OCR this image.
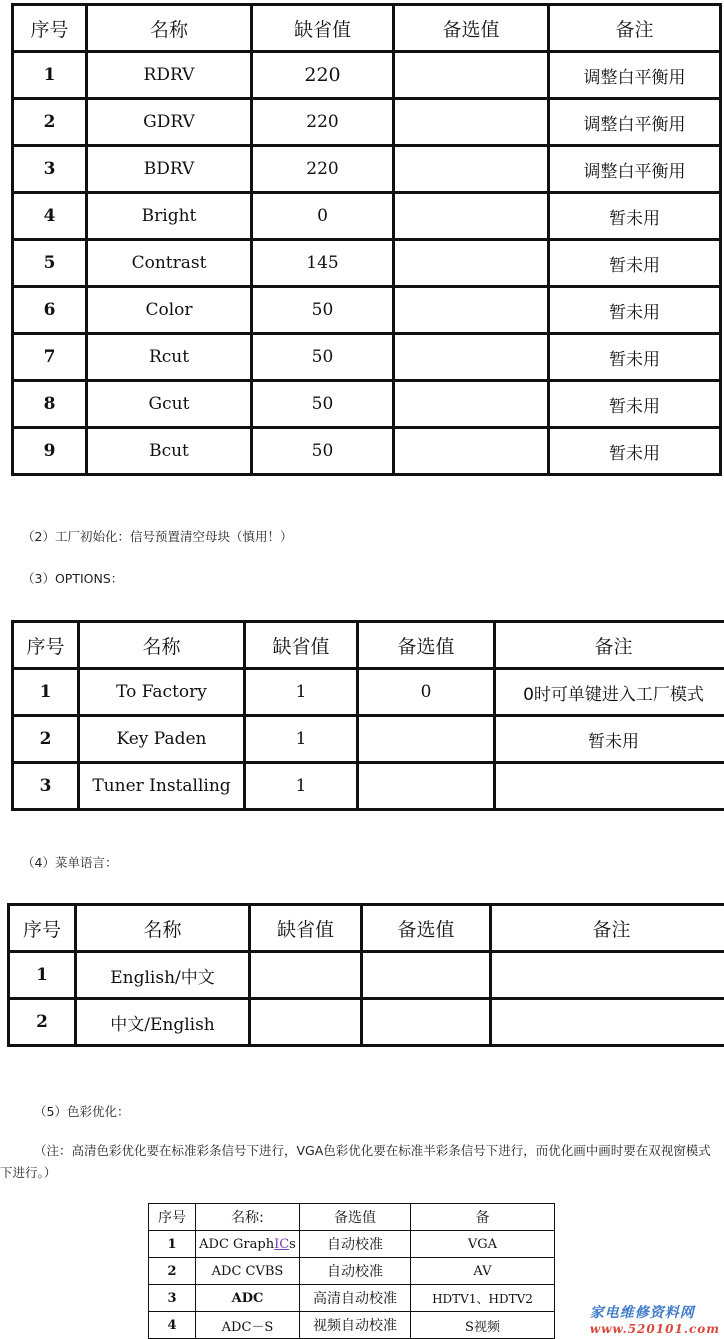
序号	名称	缺省值	备选值	备注
1	RDRV	220		调整白平衡用
2	GDRV	220		调整白平衡用
3	BDRV	220		调整白平衡用
4	Bright	0		暂未用
5	Contrast	145		暂未用
6	Color	50		暂未用
7	Rcut	50		暂未用
8	Gcut	50		暂未用
9	Bcut	50		暂未用
（2）工厂初始化：信号预置清空母块（慎用！）
（3）OPTIONS：
序号	名称	缺省值	备选值	备注
1	To Factory	1	0	0时可单键进入工厂模式
2	Key Paden	1		暂未用
3	Tuner Installing	1		
（4）菜单语言：
序号	名称	缺省值	备选值	备注
1	English/中文			
2	中文/English			
（5）色彩优化：
（注：高清色彩优化要在标准彩条信号下进行，VGA色彩优化要在标准半彩条信号下进行，而优化画中画时要在双视窗模式下进行。）
序号	名称:	备选值	备
1	ADC GraphICs	自动校准	VGA
2	ADC CVBS	自动校准	AV
3	ADC	高清自动校准	HDTV1、HDTV2
4	ADC－S	视频自动校准	S视频
家电维修资料网
www.520101.com
